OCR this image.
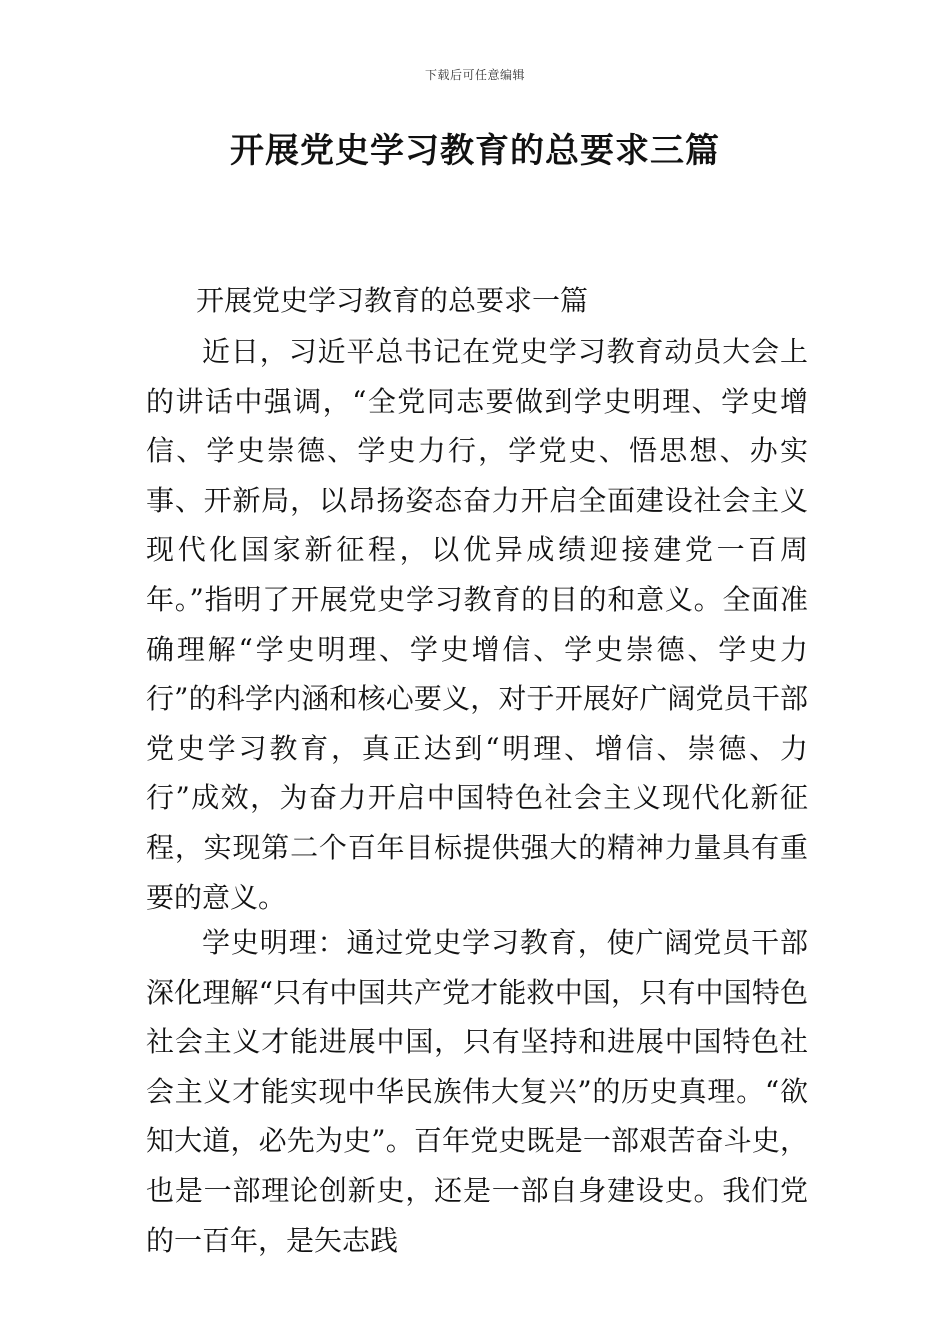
下载后可任意编辑
开展党史学习教育的总要求三篇

开展党史学习教育的总要求一篇

近日，习近平总书记在党史学习教育动员大会上的讲话中强调，“全党同志要做到学史明理、学史增信、学史崇德、学史力行，学党史、悟思想、办实事、开新局，以昂扬姿态奋力开启全面建设社会主义现代化国家新征程，以优异成绩迎接建党一百周年。”指明了开展党史学习教育的目的和意义。全面准确理解“学史明理、学史增信、学史崇德、学史力行”的科学内涵和核心要义，对于开展好广阔党员干部党史学习教育，真正达到“明理、增信、崇德、力行”成效，为奋力开启中国特色社会主义现代化新征程，实现第二个百年目标提供强大的精神力量具有重要的意义。

学史明理：通过党史学习教育，使广阔党员干部深化理解“只有中国共产党才能救中国，只有中国特色社会主义才能进展中国，只有坚持和进展中国特色社会主义才能实现中华民族伟大复兴”的历史真理。“欲知大道，必先为史”。百年党史既是一部艰苦奋斗史，也是一部理论创新史，还是一部自身建设史。我们党的一百年，是矢志践
